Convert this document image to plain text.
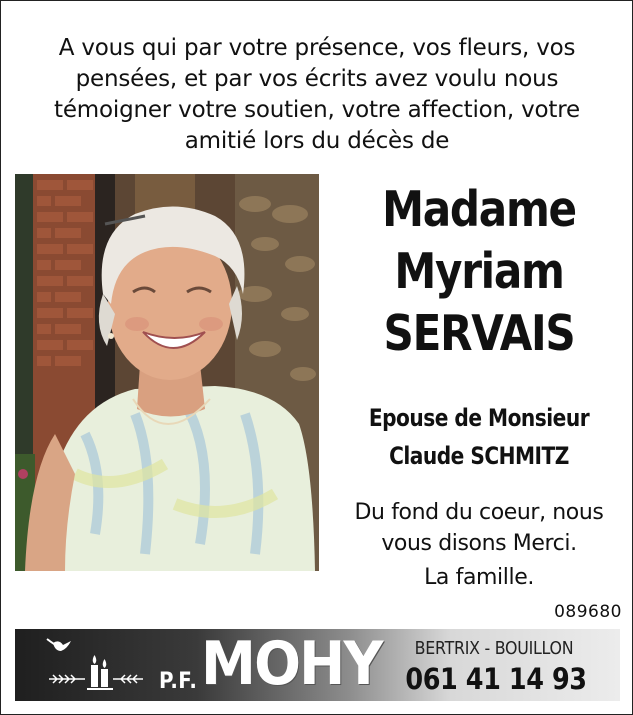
A vous qui par votre présence, vos fleurs, vos
pensées, et par vos écrits avez voulu nous
témoigner votre soutien, votre affection, votre
amitié lors du décès de
Madame
Myriam
SERVAIS
Epouse de Monsieur
Claude SCHMITZ
Du fond du coeur, nous
vous disons Merci.
La famille.
089680
P.F. MOHY	BERTRIX - BOUILLON
061 41 14 93
